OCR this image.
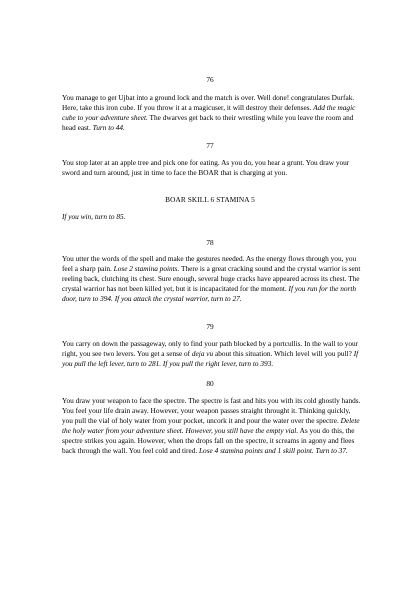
76

You manage to get Ujbat into a ground lock and the match is over. Well done! congratulates Durfak. Here, take this iron cube. If you throw it at a magicuser, it will destroy their defenses. Add the magic cube to your adventure sheet. The dwarves get back to their wrestling while you leave the room and head east. Turn to 44.

77

You stop later at an apple tree and pick one for eating. As you do, you hear a grunt. You draw your sword and turn around, just in time to face the BOAR that is charging at you.

BOAR SKILL 6 STAMINA 5

If you win, turn to 85.

78

You utter the words of the spell and make the gestures needed. As the energy flows through you, you feel a sharp pain. Lose 2 stamina points. There is a great cracking sound and the crystal warrior is sent reeling back, clutching its chest. Sure enough, several huge cracks have appeared across its chest. The crystal warrior has not been killed yet, but it is incapacitated for the moment. If you run for the north door, turn to 394. If you attack the crystal warrior, turn to 27.

79

You carry on down the passageway, only to find your path blocked by a portcullis. In the wall to your right, you see two levers. You get a sense of deja vu about this situation. Which level will you pull? If you pull the left lever, turn to 281. If you pull the right lever, turn to 393.

80

You draw your weapon to face the spectre. The spectre is fast and hits you with its cold ghostly hands. You feel your life drain away. However, your weapon passes straight throught it. Thinking quickly, you pull the vial of holy water from your pocket, uncork it and pour the water over the spectre. Delete the holy water from your adventure sheet. However, you still have the empty vial. As you do this, the spectre strikes you again. However, when the drops fall on the spectre, it screams in agony and flees back through the wall. You feel cold and tired. Lose 4 stamina points and 1 skill point. Turn to 37.
